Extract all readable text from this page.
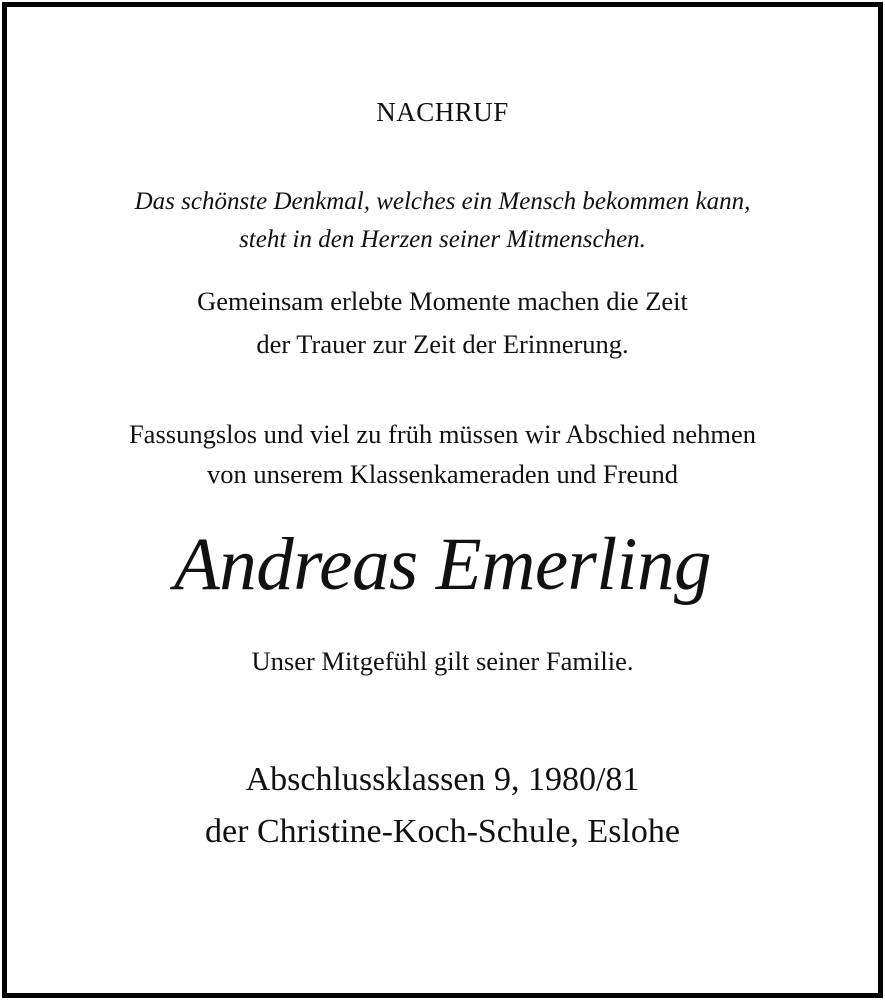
NACHRUF

Das schönste Denkmal, welches ein Mensch bekommen kann,

steht in den Herzen seiner Mitmenschen.

Gemeinsam erlebte Momente machen die Zeit

der Trauer zur Zeit der Erinnerung.

Fassungslos und viel zu früh müssen wir Abschied nehmen

von unserem Klassenkameraden und Freund

Andreas Emerling

Unser Mitgefühl gilt seiner Familie.

Abschlussklassen 9, 1980/81

der Christine-Koch-Schule, Eslohe
